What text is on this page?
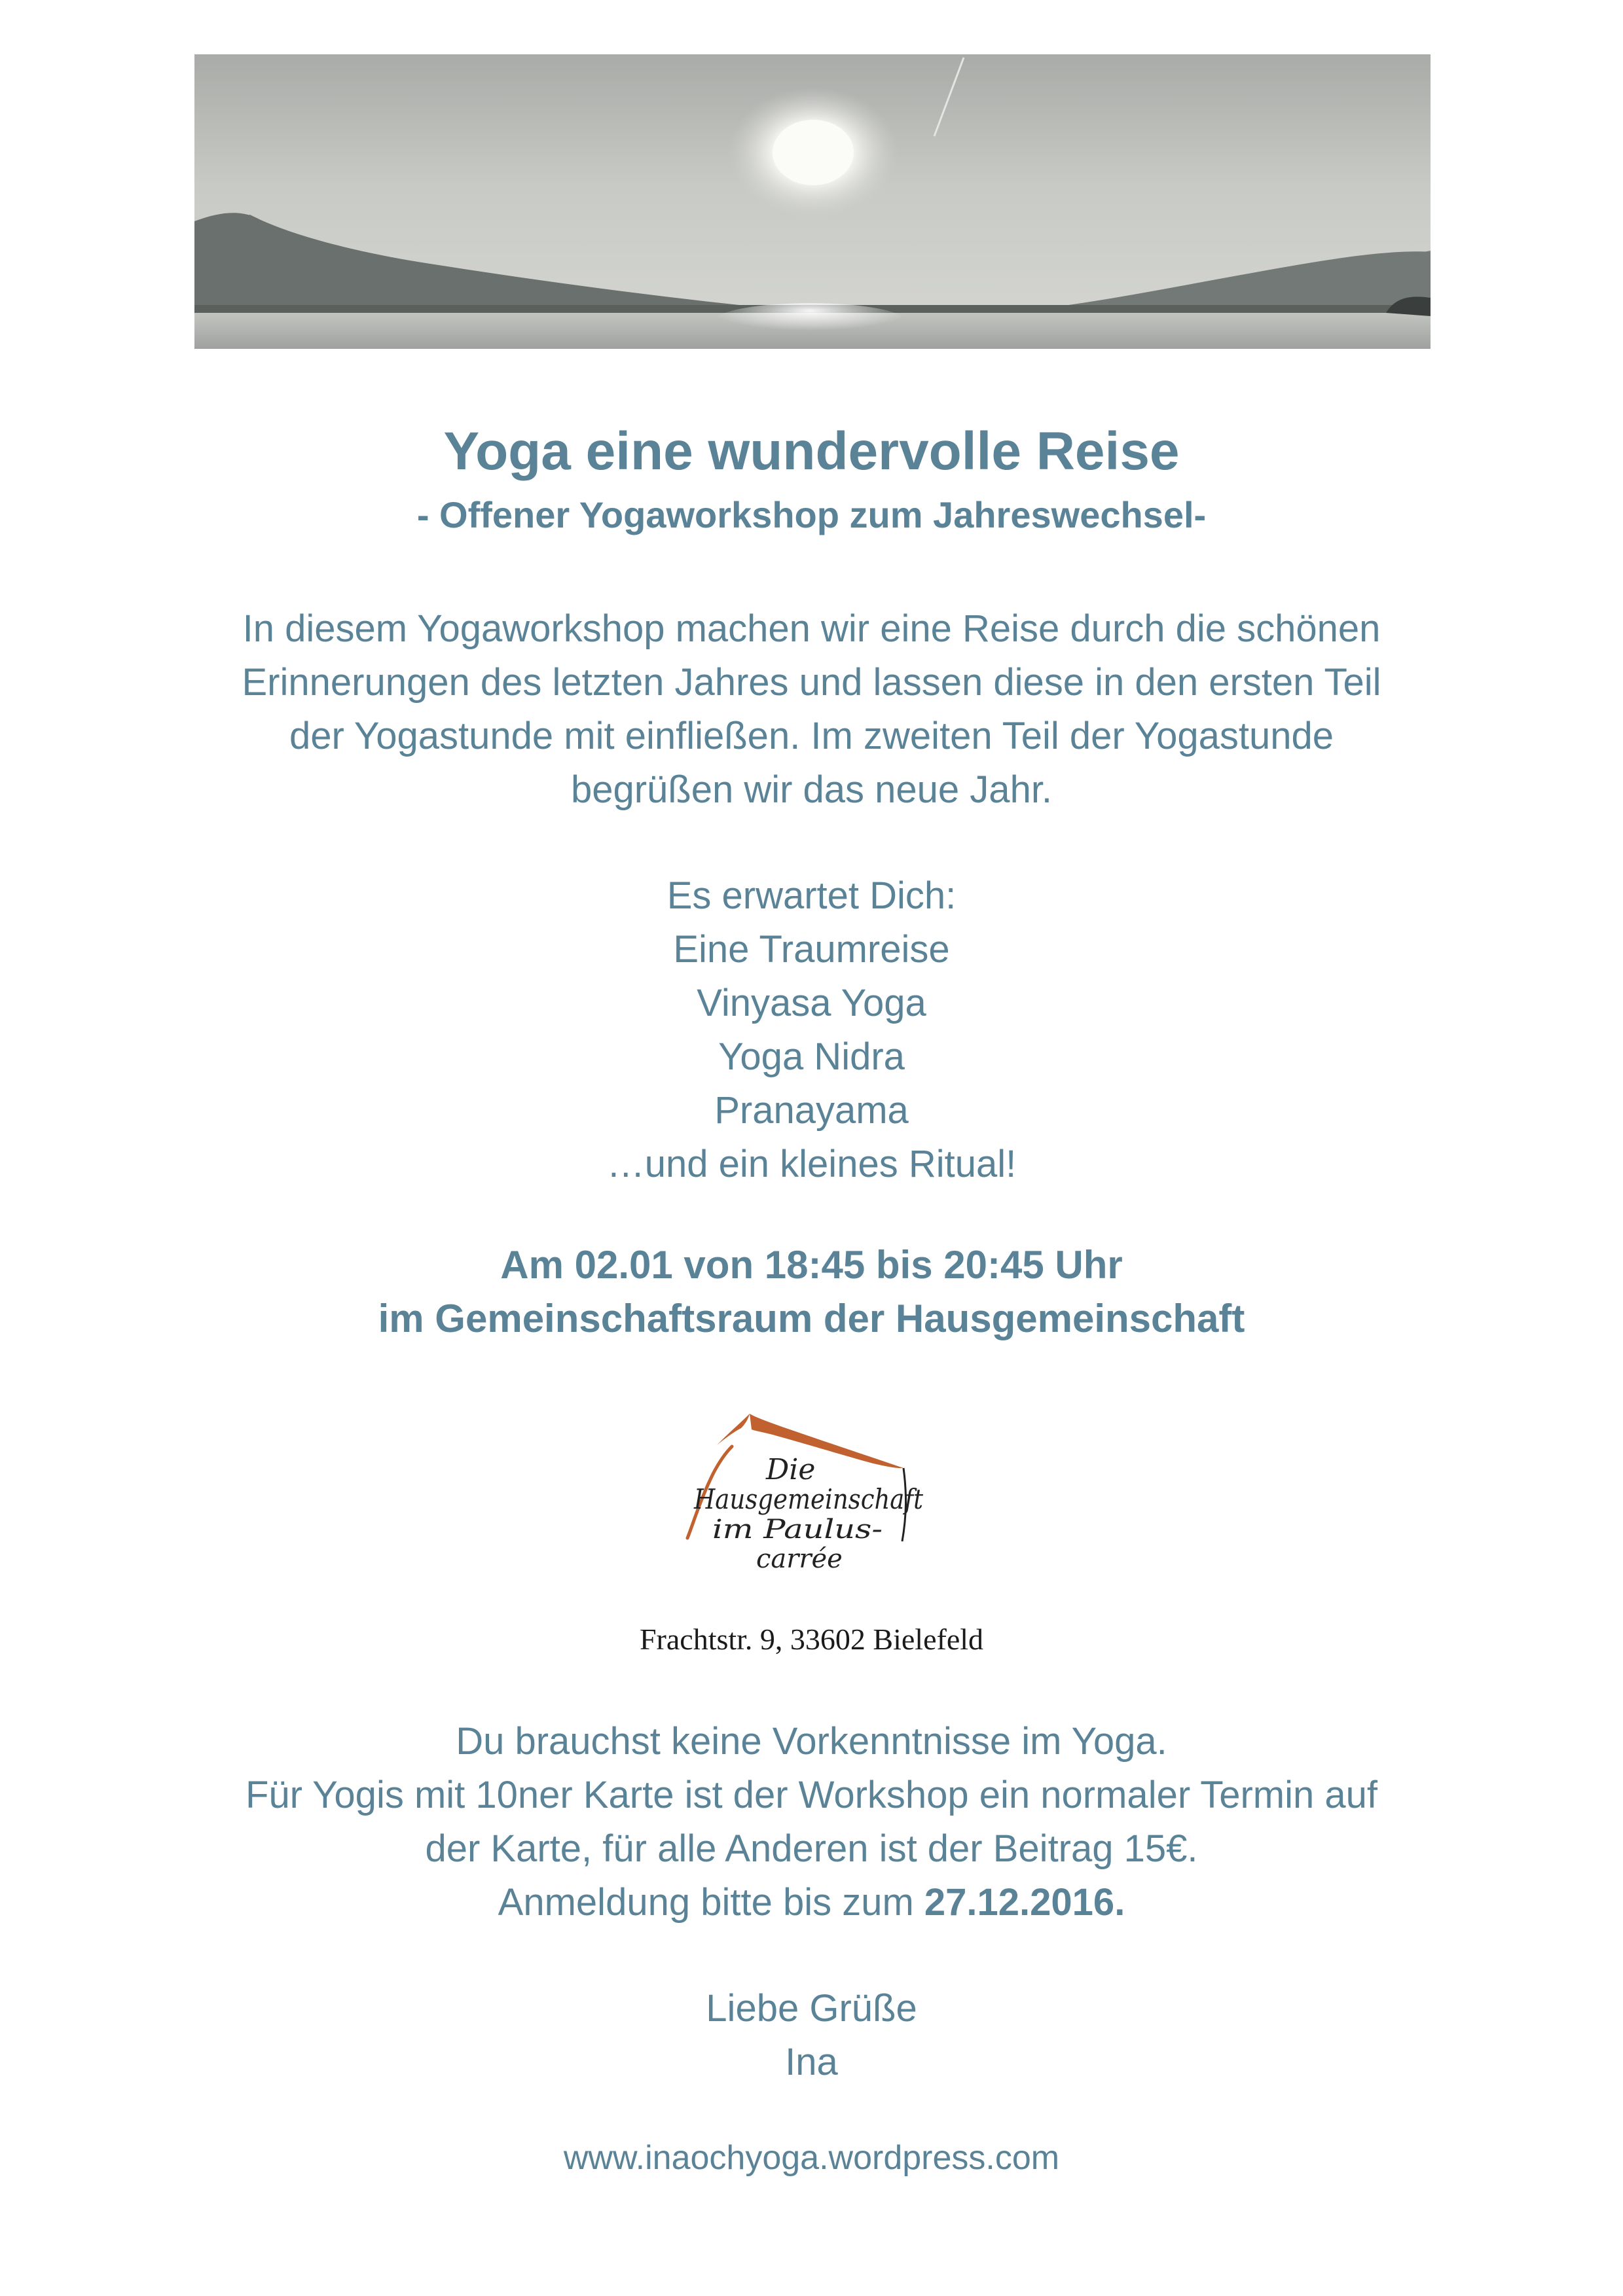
Yoga eine wundervolle Reise
- Offener Yogaworkshop zum Jahreswechsel-
In diesem Yogaworkshop machen wir eine Reise durch die schönen
Erinnerungen des letzten Jahres und lassen diese in den ersten Teil
der Yogastunde mit einfließen. Im zweiten Teil der Yogastunde
begrüßen wir das neue Jahr.
Es erwartet Dich:
Eine Traumreise
Vinyasa Yoga
Yoga Nidra
Pranayama
…und ein kleines Ritual!
Am 02.01 von 18:45 bis 20:45 Uhr
im Gemeinschaftsraum der Hausgemeinschaft
Die
Hausgemeinschaft
im Paulus-
carrée
Frachtstr. 9, 33602 Bielefeld
Du brauchst keine Vorkenntnisse im Yoga.
Für Yogis mit 10ner Karte ist der Workshop ein normaler Termin auf
der Karte, für alle Anderen ist der Beitrag 15€.
Anmeldung bitte bis zum 27.12.2016.
Liebe Grüße
Ina
www.inaochyoga.wordpress.com
